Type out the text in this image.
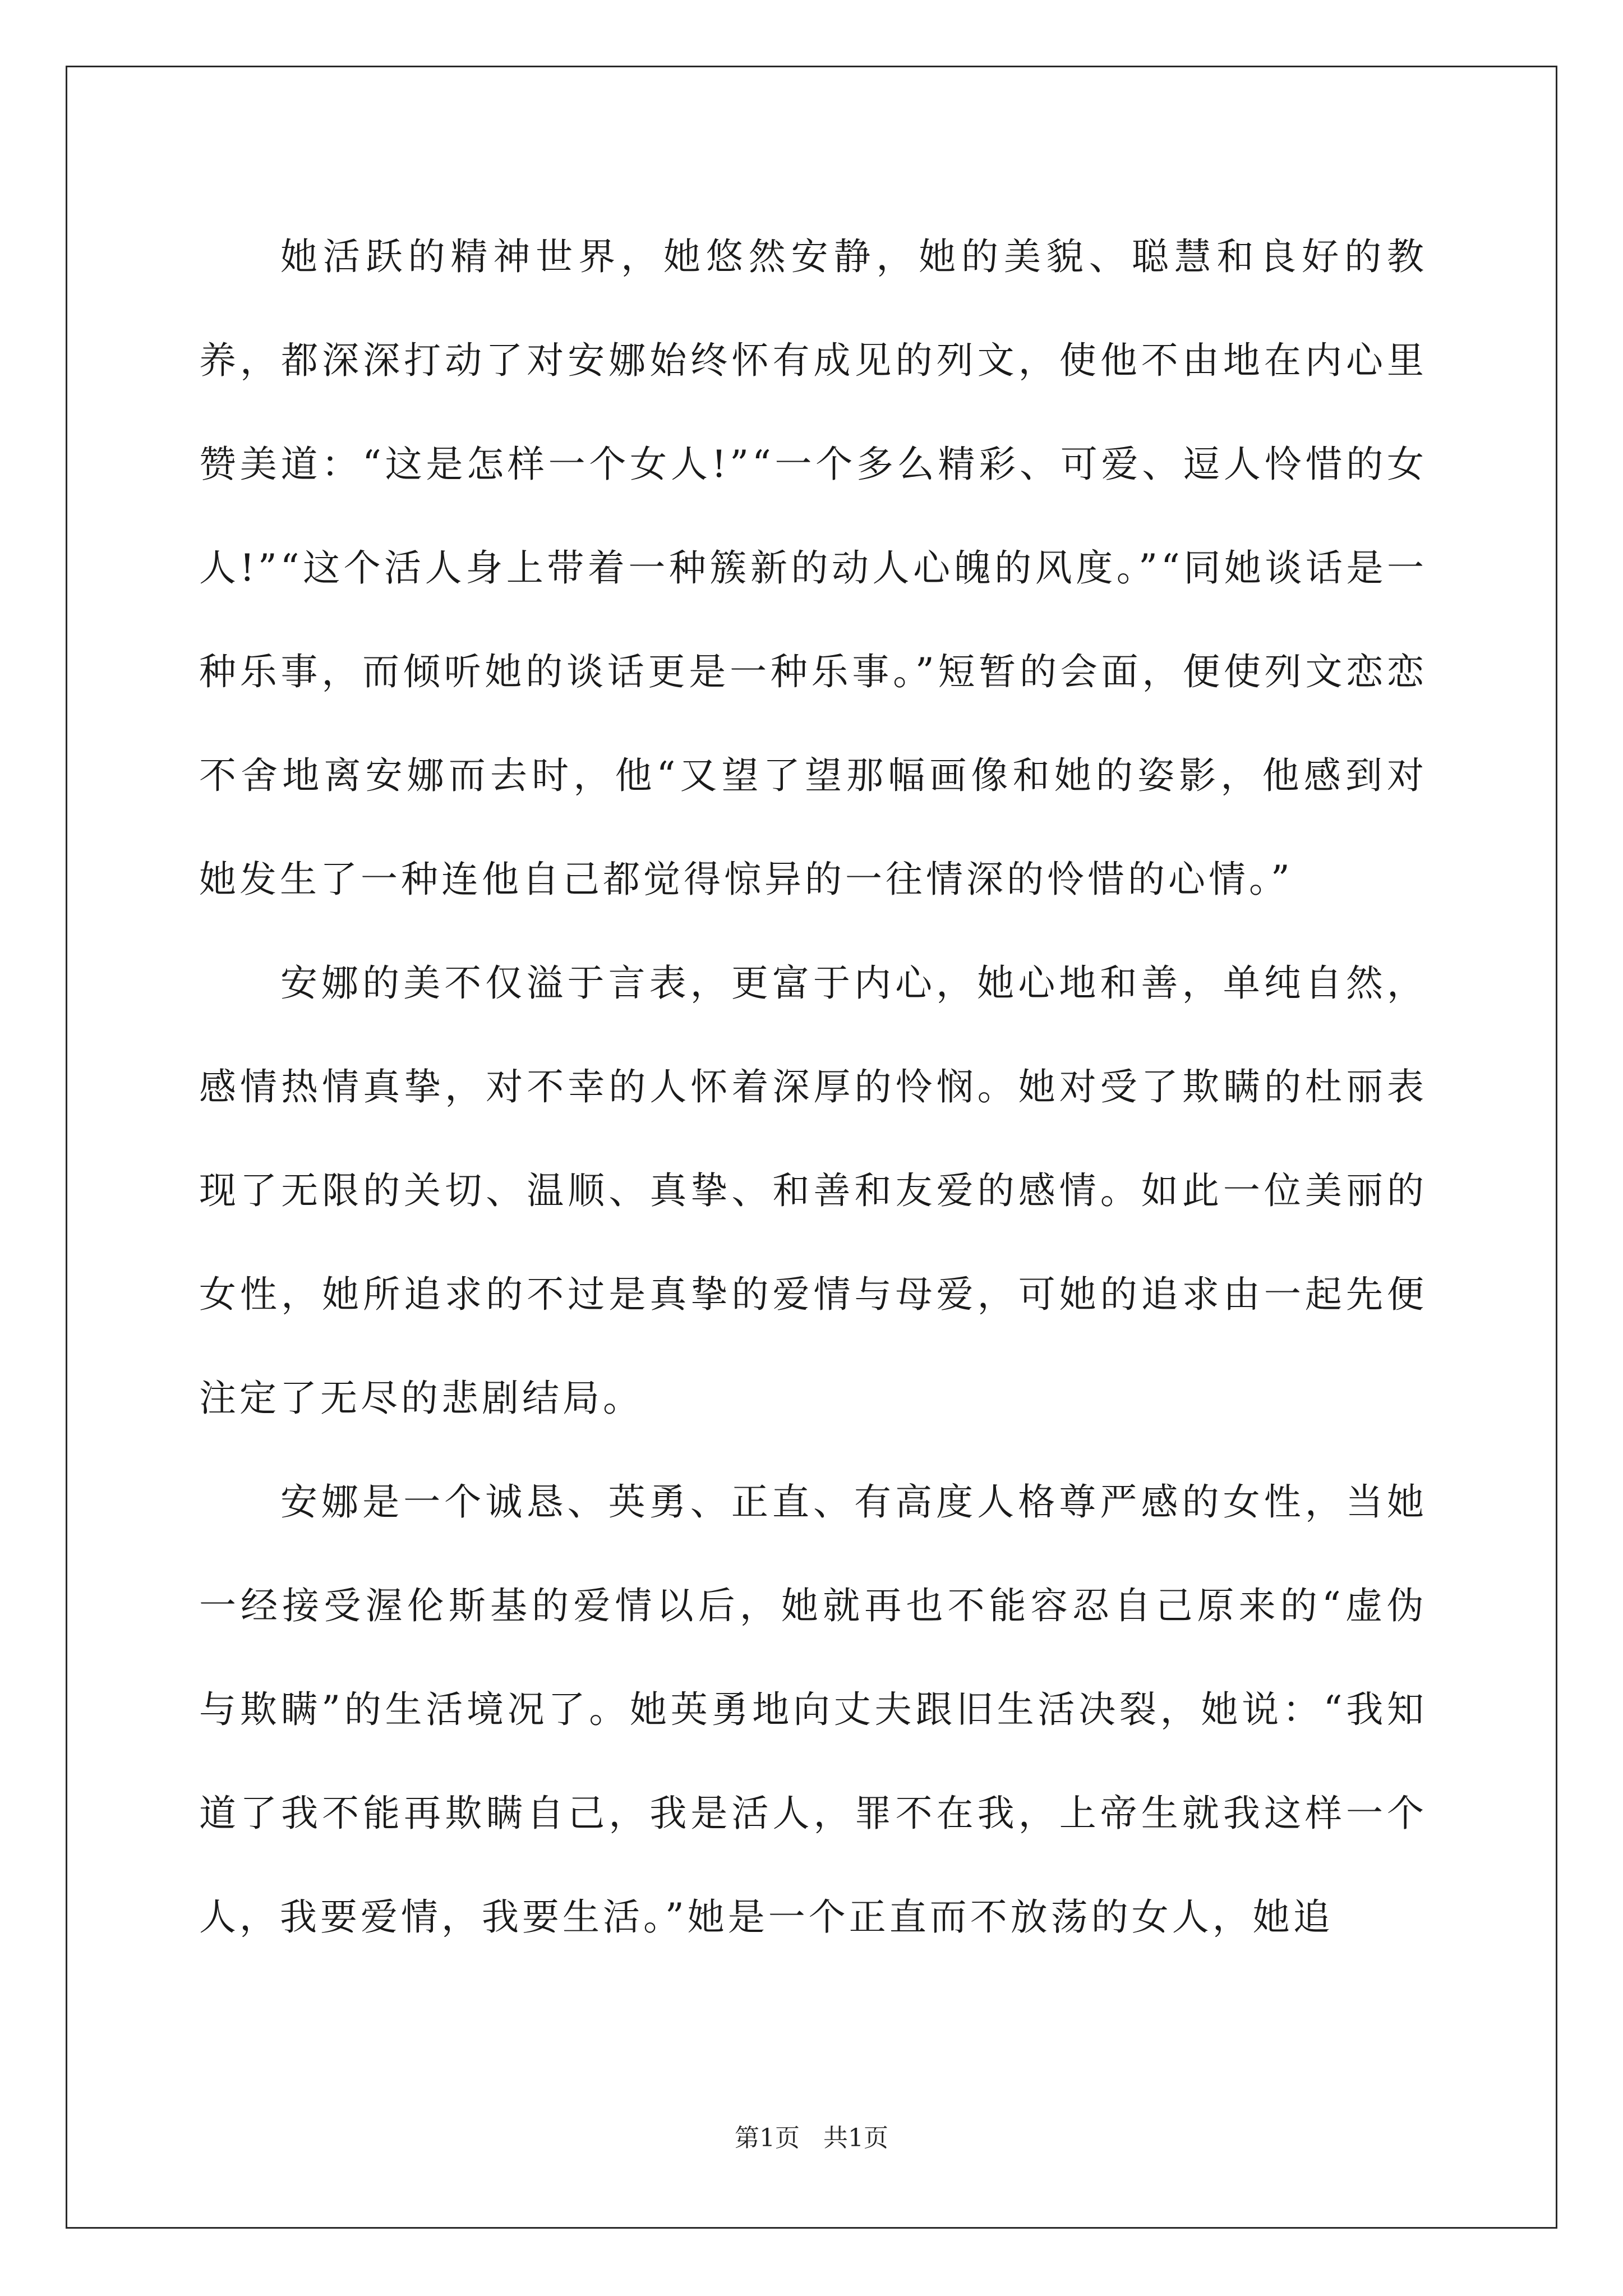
她活跃的精神世界，她悠然安静，她的美貌、聪慧和良好的教养，都深深打动了对安娜始终怀有成见的列文，使他不由地在内心里赞美道：“这是怎样一个女人!”“一个多么精彩、可爱、逗人怜惜的女人!”“这个活人身上带着一种簇新的动人心魄的风度。”“同她谈话是一种乐事，而倾听她的谈话更是一种乐事。”短暂的会面，便使列文恋恋不舍地离安娜而去时，他“又望了望那幅画像和她的姿影，他感到对她发生了一种连他自己都觉得惊异的一往情深的怜惜的心情。”

安娜的美不仅溢于言表，更富于内心，她心地和善，单纯自然，感情热情真挚，对不幸的人怀着深厚的怜悯。她对受了欺瞒的杜丽表现了无限的关切、温顺、真挚、和善和友爱的感情。如此一位美丽的女性，她所追求的不过是真挚的爱情与母爱，可她的追求由一起先便注定了无尽的悲剧结局。

安娜是一个诚恳、英勇、正直、有高度人格尊严感的女性，当她一经接受渥伦斯基的爱情以后，她就再也不能容忍自己原来的“虚伪与欺瞒”的生活境况了。她英勇地向丈夫跟旧生活决裂，她说：“我知道了我不能再欺瞒自己，我是活人，罪不在我，上帝生就我这样一个人，我要爱情，我要生活。”她是一个正直而不放荡的女人，她追

第1页 共1页
